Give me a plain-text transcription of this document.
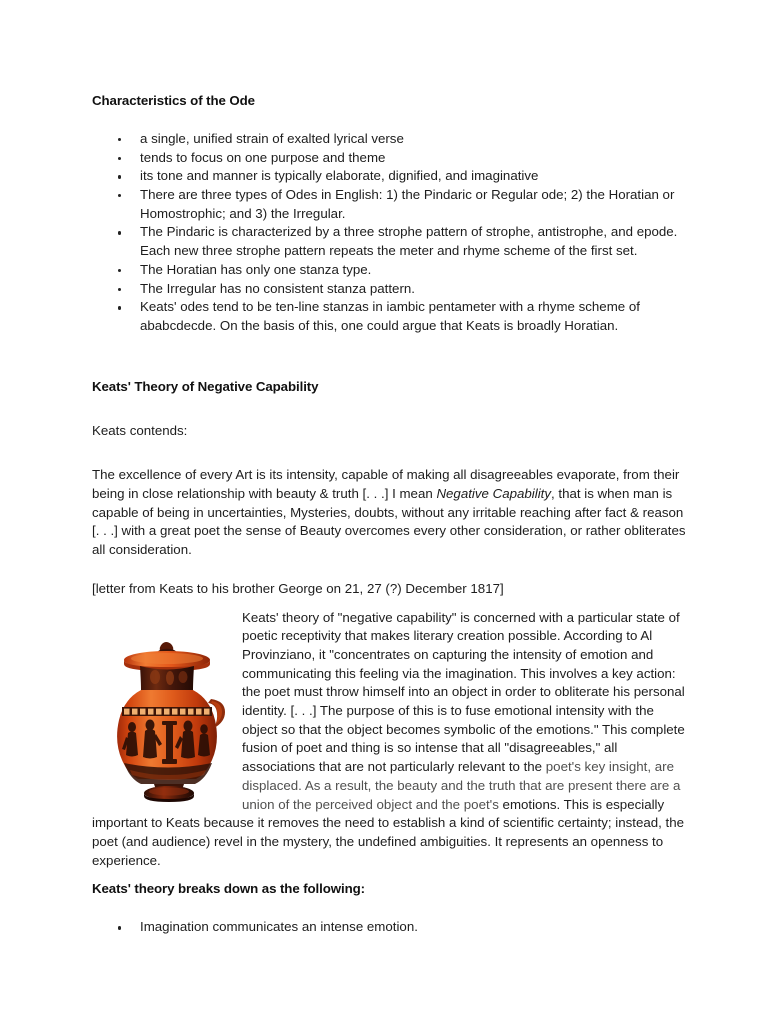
Characteristics of the Ode
a single, unified strain of exalted lyrical verse
tends to focus on one purpose and theme
its tone and manner is typically elaborate, dignified, and imaginative
There are three types of Odes in English: 1) the Pindaric or Regular ode; 2) the Horatian or Homostrophic; and 3) the Irregular.
The Pindaric is characterized by a three strophe pattern of strophe, antistrophe, and epode. Each new three strophe pattern repeats the meter and rhyme scheme of the first set.
The Horatian has only one stanza type.
The Irregular has no consistent stanza pattern.
Keats' odes tend to be ten-line stanzas in iambic pentameter with a rhyme scheme of ababcdecde. On the basis of this, one could argue that Keats is broadly Horatian.
Keats' Theory of Negative Capability

Keats contends:

The excellence of every Art is its intensity, capable of making all disagreeables evaporate, from their being in close relationship with beauty & truth [. . .] I mean Negative Capability, that is when man is capable of being in uncertainties, Mysteries, doubts, without any irritable reaching after fact & reason [. . .] with a great poet the sense of Beauty overcomes every other consideration, or rather obliterates all consideration.

[letter from Keats to his brother George on 21, 27 (?) December 1817]

Keats' theory of "negative capability" is concerned with a particular state of poetic receptivity that makes literary creation possible. According to Al Provinziano, it "concentrates on capturing the intensity of emotion and communicating this feeling via the imagination. This involves a key action: the poet must throw himself into an object in order to obliterate his personal identity. [. . .] The purpose of this is to fuse emotional intensity with the object so that the object becomes symbolic of the emotions." This complete fusion of poet and thing is so intense that all "disagreeables," all associations that are not particularly relevant to the poet's key insight, are displaced. As a result, the beauty and the truth that are present there are a union of the perceived object and the poet's emotions. This is especially important to Keats because it removes the need to establish a kind of scientific certainty; instead, the poet (and audience) revel in the mystery, the undefined ambiguities. It represents an openness to experience.
Keats' theory breaks down as the following:
Imagination communicates an intense emotion.
